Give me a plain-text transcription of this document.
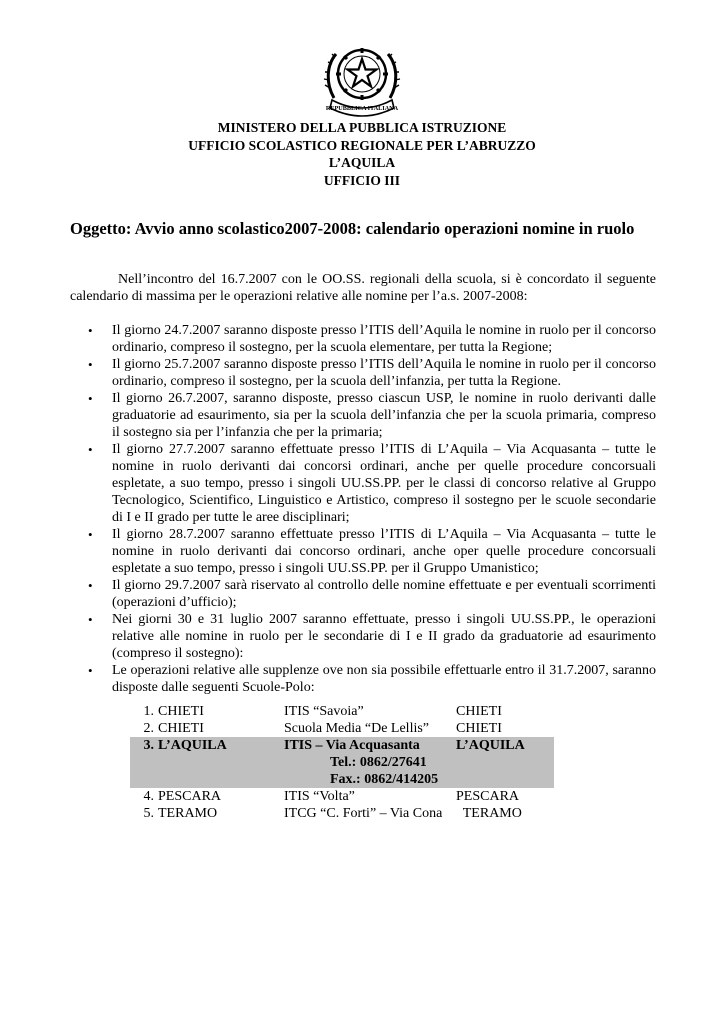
REPUBBLICA ITALIANA
MINISTERO DELLA PUBBLICA ISTRUZIONE
UFFICIO SCOLASTICO REGIONALE PER L’ABRUZZO
L’AQUILA
UFFICIO III
Oggetto: Avvio anno scolastico2007-2008: calendario operazioni nomine in ruolo

Nell’incontro del 16.7.2007 con le OO.SS. regionali della scuola, si è concordato il seguente calendario di massima per le operazioni relative alle nomine per l’a.s. 2007-2008:

• Il giorno 24.7.2007 saranno disposte presso l’ITIS dell’Aquila le nomine in ruolo per il concorso ordinario, compreso il sostegno, per la scuola elementare, per tutta la Regione;
• Il giorno 25.7.2007 saranno disposte presso l’ITIS dell’Aquila le nomine in ruolo per il concorso ordinario, compreso il sostegno, per la scuola dell’infanzia, per tutta la Regione.
• Il giorno 26.7.2007, saranno disposte, presso ciascun USP, le nomine in ruolo derivanti dalle graduatorie ad esaurimento, sia per la scuola dell’infanzia che per la scuola primaria, compreso il sostegno sia per l’infanzia che per la primaria;
• Il giorno 27.7.2007 saranno effettuate presso l’ITIS di L’Aquila – Via Acquasanta – tutte le nomine in ruolo derivanti dai concorsi ordinari, anche per quelle procedure concorsuali espletate, a suo tempo, presso i singoli UU.SS.PP. per le classi di concorso relative al Gruppo Tecnologico, Scientifico, Linguistico e Artistico, compreso il sostegno per le scuole secondarie di I e II grado per tutte le aree disciplinari;
• Il giorno 28.7.2007 saranno effettuate presso l’ITIS di L’Aquila – Via Acquasanta – tutte le nomine in ruolo derivanti dai concorso ordinari, anche oper quelle procedure concorsuali espletate a suo tempo, presso i singoli UU.SS.PP. per il Gruppo Umanistico;
• Il giorno 29.7.2007 sarà riservato al controllo delle nomine effettuate e per eventuali scorrimenti (operazioni d’ufficio);
• Nei giorni 30 e 31 luglio 2007 saranno effettuate, presso i singoli UU.SS.PP., le operazioni relative alle nomine in ruolo per le secondarie di I e II grado da graduatorie ad esaurimento (compreso il sostegno):
• Le operazioni relative alle supplenze ove non sia possibile effettuarle entro il 31.7.2007, saranno disposte dalle seguenti Scuole-Polo:
1.	CHIETI	ITIS “Savoia”	CHIETI
2.	CHIETI	Scuola Media “De Lellis”	CHIETI
3.	L’AQUILA	ITIS – Via Acquasanta
Tel.: 0862/27641
Fax.: 0862/414205	L’AQUILA
4.	PESCARA	ITIS “Volta”	PESCARA
5.	TERAMO	ITCG “C. Forti” – Via Cona	TERAMO
